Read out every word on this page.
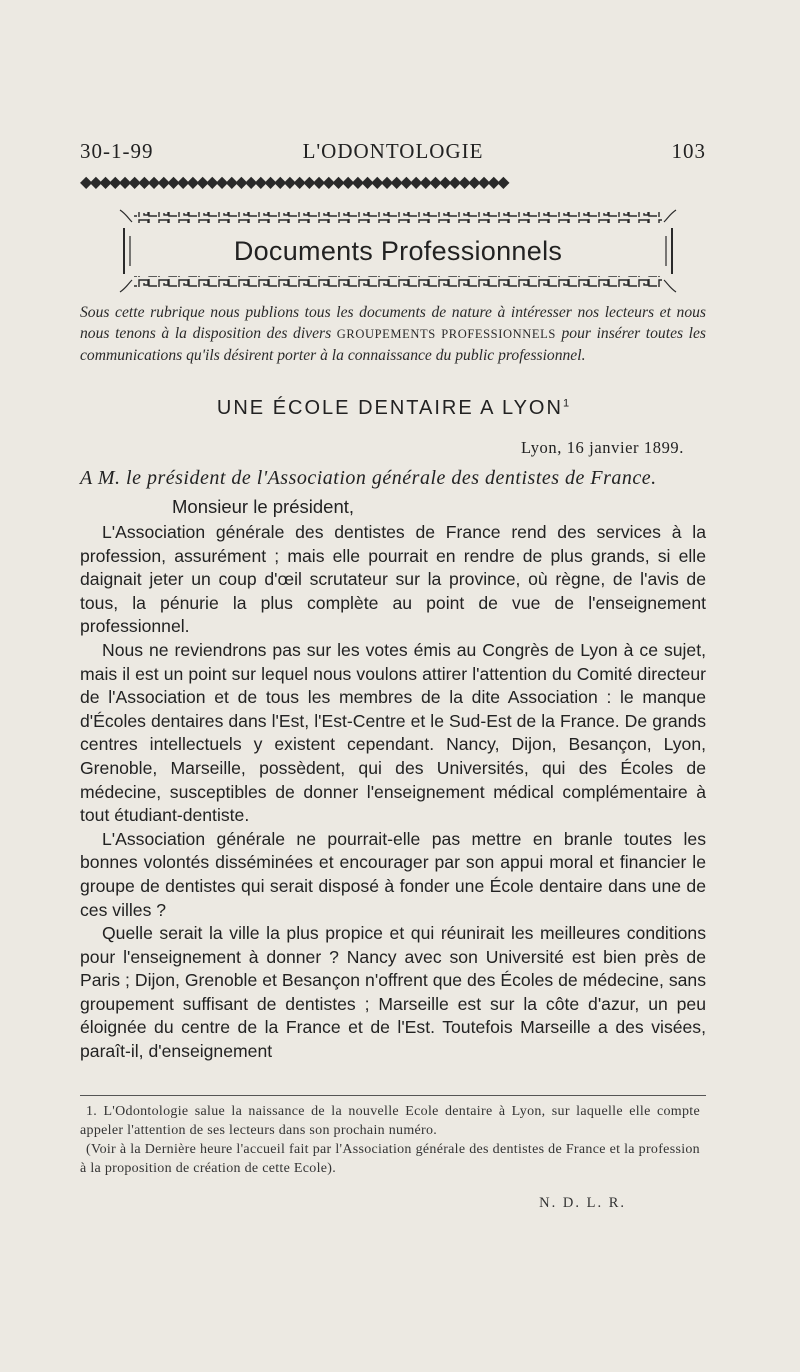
30-1-99	L'ODONTOLOGIE	103
◆◆◆◆◆◆◆◆◆◆◆◆◆◆◆◆◆◆◆◆◆◆◆◆◆◆◆◆◆◆◆◆◆◆◆◆◆◆◆◆◆◆◆◆
Documents Professionnels
Sous cette rubrique nous publions tous les documents de nature à intéresser nos lecteurs et nous nous tenons à la disposition des divers GROUPEMENTS PROFESSIONNELS pour insérer toutes les communications qu'ils désirent porter à la connaissance du public professionnel.
UNE ÉCOLE DENTAIRE A LYON$^1$
Lyon, 16 janvier 1899.
A M. le président de l'Association générale des dentistes de France.
Monsieur le président,

L'Association générale des dentistes de France rend des services à la profession, assurément ; mais elle pourrait en rendre de plus grands, si elle daignait jeter un coup d'œil scrutateur sur la province, où règne, de l'avis de tous, la pénurie la plus complète au point de vue de l'enseignement professionnel.

Nous ne reviendrons pas sur les votes émis au Congrès de Lyon à ce sujet, mais il est un point sur lequel nous voulons attirer l'attention du Comité directeur de l'Association et de tous les membres de la dite Association : le manque d'Écoles dentaires dans l'Est, l'Est-Centre et le Sud-Est de la France. De grands centres intellectuels y existent cependant. Nancy, Dijon, Besançon, Lyon, Grenoble, Marseille, possèdent, qui des Universités, qui des Écoles de médecine, susceptibles de donner l'enseignement médical complémentaire à tout étudiant-dentiste.

L'Association générale ne pourrait-elle pas mettre en branle toutes les bonnes volontés disséminées et encourager par son appui moral et financier le groupe de dentistes qui serait disposé à fonder une École dentaire dans une de ces villes ?

Quelle serait la ville la plus propice et qui réunirait les meilleures conditions pour l'enseignement à donner ? Nancy avec son Université est bien près de Paris ; Dijon, Grenoble et Besançon n'offrent que des Écoles de médecine, sans groupement suffisant de dentistes ; Marseille est sur la côte d'azur, un peu éloignée du centre de la France et de l'Est. Toutefois Marseille a des visées, paraît-il, d'enseignement

1. L'Odontologie salue la naissance de la nouvelle Ecole dentaire à Lyon, sur laquelle elle compte appeler l'attention de ses lecteurs dans son prochain numéro.

(Voir à la Dernière heure l'accueil fait par l'Association générale des dentistes de France et la profession à la proposition de création de cette Ecole).

N. D. L. R.
